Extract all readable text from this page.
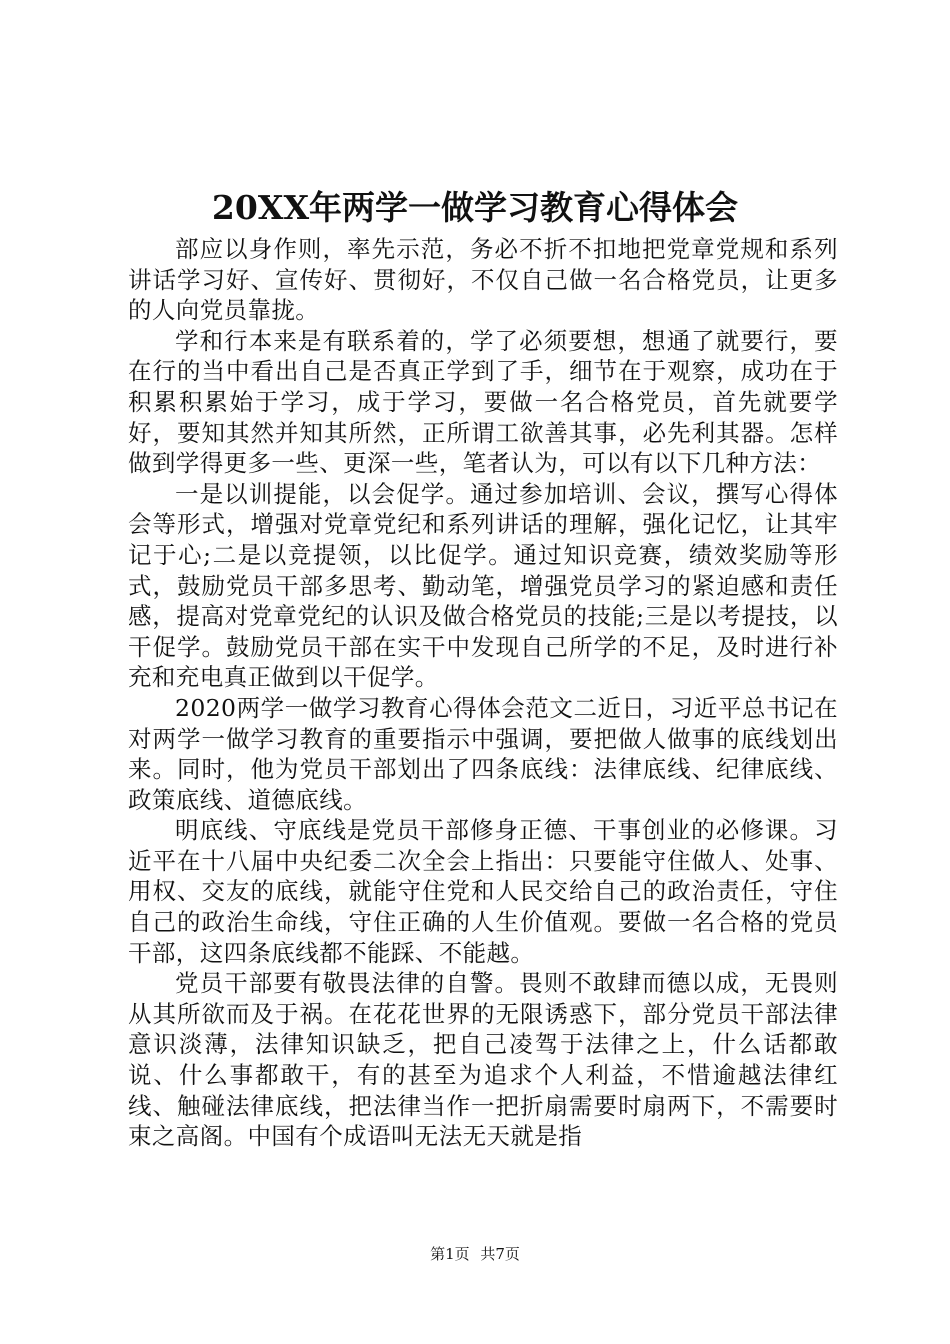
20XX年两学一做学习教育心得体会

部应以身作则，率先示范，务必不折不扣地把党章党规和系列讲话学习好、宣传好、贯彻好，不仅自己做一名合格党员，让更多的人向党员靠拢。

学和行本来是有联系着的，学了必须要想，想通了就要行，要在行的当中看出自己是否真正学到了手，细节在于观察，成功在于积累积累始于学习，成于学习，要做一名合格党员，首先就要学好，要知其然并知其所然，正所谓工欲善其事，必先利其器。怎样做到学得更多一些、更深一些，笔者认为，可以有以下几种方法：

一是以训提能，以会促学。通过参加培训、会议，撰写心得体会等形式，增强对党章党纪和系列讲话的理解，强化记忆，让其牢记于心;二是以竞提领，以比促学。通过知识竞赛，绩效奖励等形式，鼓励党员干部多思考、勤动笔，增强党员学习的紧迫感和责任感，提高对党章党纪的认识及做合格党员的技能;三是以考提技，以干促学。鼓励党员干部在实干中发现自己所学的不足，及时进行补充和充电真正做到以干促学。

2020两学一做学习教育心得体会范文二近日，习近平总书记在对两学一做学习教育的重要指示中强调，要把做人做事的底线划出来。同时，他为党员干部划出了四条底线：法律底线、纪律底线、政策底线、道德底线。

明底线、守底线是党员干部修身正德、干事创业的必修课。习近平在十八届中央纪委二次全会上指出：只要能守住做人、处事、用权、交友的底线，就能守住党和人民交给自己的政治责任，守住自己的政治生命线，守住正确的人生价值观。要做一名合格的党员干部，这四条底线都不能踩、不能越。

党员干部要有敬畏法律的自警。畏则不敢肆而德以成，无畏则从其所欲而及于祸。在花花世界的无限诱惑下，部分党员干部法律意识淡薄，法律知识缺乏，把自己凌驾于法律之上，什么话都敢说、什么事都敢干，有的甚至为追求个人利益，不惜逾越法律红线、触碰法律底线，把法律当作一把折扇需要时扇两下，不需要时束之高阁。中国有个成语叫无法无天就是指

第1页 共7页
